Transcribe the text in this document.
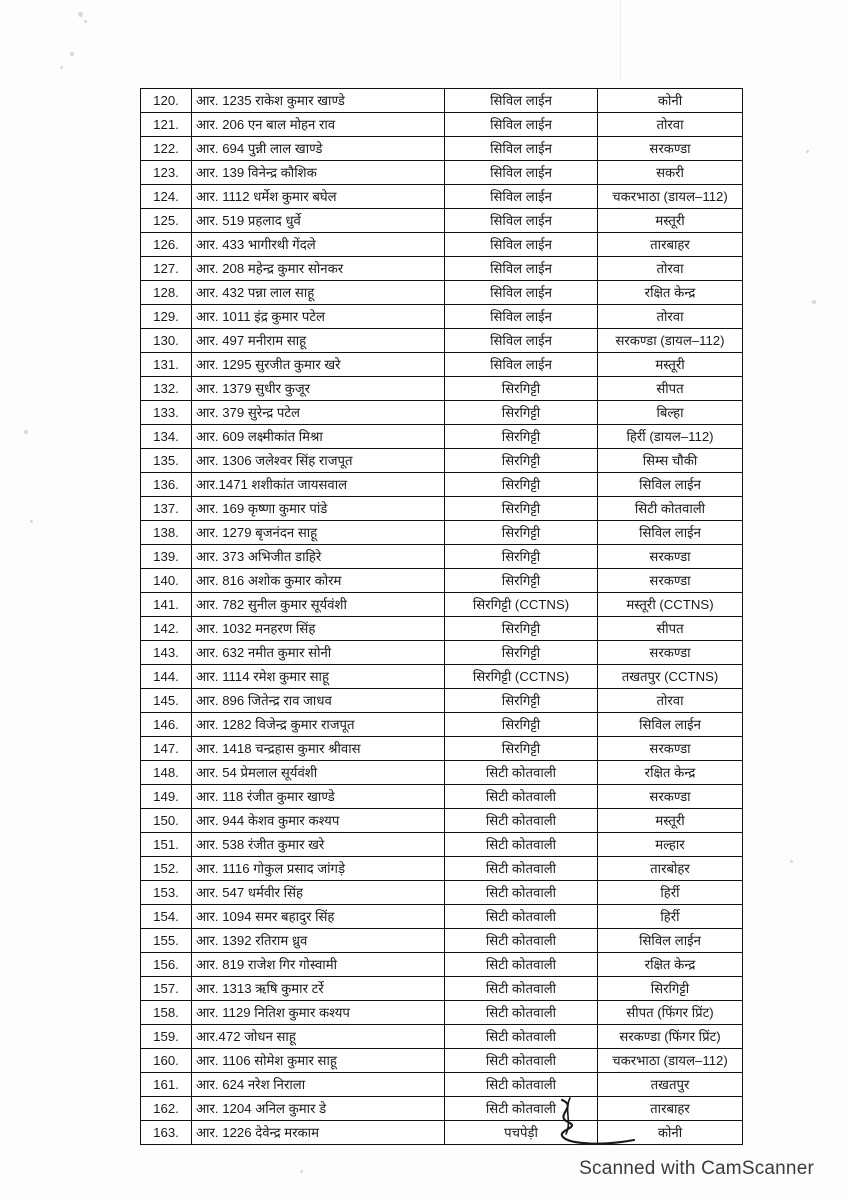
120.	आर. 1235 राकेश कुमार खाण्डे	सिविल लाईन	कोनी
121.	आर. 206 एन बाल मोहन राव	सिविल लाईन	तोरवा
122.	आर. 694 पुन्नी लाल खाण्डे	सिविल लाईन	सरकण्डा
123.	आर. 139 विनेन्द्र कौशिक	सिविल लाईन	सकरी
124.	आर. 1112 धर्मेश कुमार बघेल	सिविल लाईन	चकरभाठा (डायल–112)
125.	आर. 519 प्रहलाद धुर्वे	सिविल लाईन	मस्तूरी
126.	आर. 433 भागीरथी गेंदले	सिविल लाईन	तारबाहर
127.	आर. 208 महेन्द्र कुमार सोनकर	सिविल लाईन	तोरवा
128.	आर. 432 पन्ना लाल साहू	सिविल लाईन	रक्षित केन्द्र
129.	आर. 1011 इंद्र कुमार पटेल	सिविल लाईन	तोरवा
130.	आर. 497 मनीराम साहू	सिविल लाईन	सरकण्डा (डायल–112)
131.	आर. 1295 सुरजीत कुमार खरे	सिविल लाईन	मस्तूरी
132.	आर. 1379 सुधीर कुजूर	सिरगिट्टी	सीपत
133.	आर. 379 सुरेन्द्र पटेल	सिरगिट्टी	बिल्हा
134.	आर. 609 लक्ष्मीकांत मिश्रा	सिरगिट्टी	हिर्री (डायल–112)
135.	आर. 1306 जलेश्वर सिंह राजपूत	सिरगिट्टी	सिम्स चौकी
136.	आर.1471 शशीकांत जायसवाल	सिरगिट्टी	सिविल लाईन
137.	आर. 169 कृष्णा कुमार पांडे	सिरगिट्टी	सिटी कोतवाली
138.	आर. 1279 बृजनंदन साहू	सिरगिट्टी	सिविल लाईन
139.	आर. 373 अभिजीत डाहिरे	सिरगिट्टी	सरकण्डा
140.	आर. 816 अशोक कुमार कोरम	सिरगिट्टी	सरकण्डा
141.	आर. 782 सुनील कुमार सूर्यवंशी	सिरगिट्टी (CCTNS)	मस्तूरी (CCTNS)
142.	आर. 1032 मनहरण सिंह	सिरगिट्टी	सीपत
143.	आर. 632 नमीत कुमार सोनी	सिरगिट्टी	सरकण्डा
144.	आर. 1114 रमेश कुमार साहू	सिरगिट्टी (CCTNS)	तखतपुर (CCTNS)
145.	आर. 896 जितेन्द्र राव जाधव	सिरगिट्टी	तोरवा
146.	आर. 1282 विजेन्द्र कुमार राजपूत	सिरगिट्टी	सिविल लाईन
147.	आर. 1418 चन्द्रहास कुमार श्रीवास	सिरगिट्टी	सरकण्डा
148.	आर. 54 प्रेमलाल सूर्यवंशी	सिटी कोतवाली	रक्षित केन्द्र
149.	आर. 118 रंजीत कुमार खाण्डे	सिटी कोतवाली	सरकण्डा
150.	आर. 944 केशव कुमार कश्यप	सिटी कोतवाली	मस्तूरी
151.	आर. 538 रंजीत कुमार खरे	सिटी कोतवाली	मल्हार
152.	आर. 1116 गोकुल प्रसाद जांगड़े	सिटी कोतवाली	तारबाेहर
153.	आर. 547 धर्मवीर सिंह	सिटी कोतवाली	हिर्री
154.	आर. 1094 समर बहादुर सिंह	सिटी कोतवाली	हिर्री
155.	आर. 1392 रतिराम ध्रुव	सिटी कोतवाली	सिविल लाईन
156.	आर. 819 राजेश गिर गोस्वामी	सिटी कोतवाली	रक्षित केन्द्र
157.	आर. 1313 ऋषि कुमार टर्रे	सिटी कोतवाली	सिरगिट्टी
158.	आर. 1129 नितिश कुमार कश्यप	सिटी कोतवाली	सीपत (फिंगर प्रिंट)
159.	आर.472 जोधन साहू	सिटी कोतवाली	सरकण्डा (फिंगर प्रिंट)
160.	आर. 1106 सोमेश कुमार साहू	सिटी कोतवाली	चकरभाठा (डायल–112)
161.	आर. 624 नरेश निराला	सिटी कोतवाली	तखतपुर
162.	आर. 1204 अनिल कुमार डे	सिटी कोतवाली	तारबाहर
163.	आर. 1226 देवेन्द्र मरकाम	पचपेड़ी	कोनी
Scanned with CamScanner
